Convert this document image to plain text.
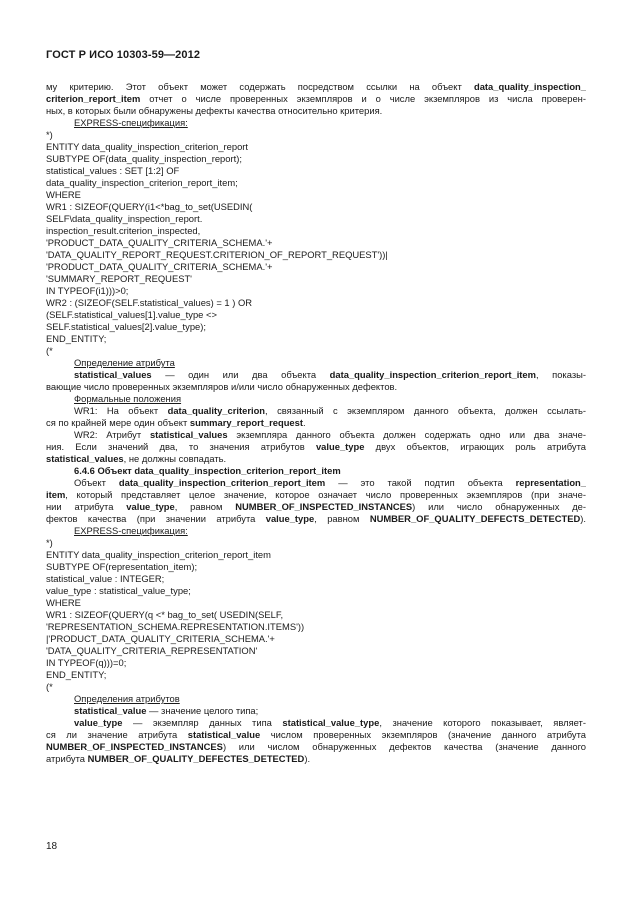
ГОСТ Р ИСО 10303-59—2012
му критерию. Этот объект может содержать посредством ссылки на объект data_quality_inspection_
criterion_report_item отчет о числе проверенных экземпляров и о числе экземпляров из числа проверен-
ных, в которых были обнаружены дефекты качества относительно критерия.
EXPRESS-спецификация:
*)
ENTITY data_quality_inspection_criterion_report
SUBTYPE OF(data_quality_inspection_report);
statistical_values : SET [1:2] OF
data_quality_inspection_criterion_report_item;
WHERE
WR1 : SIZEOF(QUERY(i1<*bag_to_set(USEDIN(
SELF\data_quality_inspection_report.
inspection_result.criterion_inspected,
'PRODUCT_DATA_QUALITY_CRITERIA_SCHEMA.'+
'DATA_QUALITY_REPORT_REQUEST.CRITERION_OF_REPORT_REQUEST'))|
'PRODUCT_DATA_QUALITY_CRITERIA_SCHEMA.'+
'SUMMARY_REPORT_REQUEST'
IN TYPEOF(i1)))>0;
WR2 : (SIZEOF(SELF.statistical_values) = 1 ) OR
(SELF.statistical_values[1].value_type <>
SELF.statistical_values[2].value_type);
END_ENTITY;
(*
Определение атрибута
statistical_values — один или два объекта data_quality_inspection_criterion_report_item, показы-
вающие число проверенных экземпляров и/или число обнаруженных дефектов.
Формальные положения
WR1: На объект data_quality_criterion, связанный с экземпляром данного объекта, должен ссылать-
ся по крайней мере один объект summary_report_request.
WR2: Атрибут statistical_values экземпляра данного объекта должен содержать одно или два значе-
ния. Если значений два, то значения атрибутов value_type двух объектов, играющих роль атрибута
statistical_values, не должны совпадать.
6.4.6 Объект data_quality_inspection_criterion_report_item
Объект data_quality_inspection_criterion_report_item — это такой подтип объекта representation_
item, который представляет целое значение, которое означает число проверенных экземпляров (при значе-
нии атрибута value_type, равном NUMBER_OF_INSPECTED_INSTANCES) или число обнаруженных де-
фектов качества (при значении атрибута value_type, равном NUMBER_OF_QUALITY_DEFECTS_DETECTED).
EXPRESS-спецификация:
*)
ENTITY data_quality_inspection_criterion_report_item
SUBTYPE OF(representation_item);
statistical_value : INTEGER;
value_type : statistical_value_type;
WHERE
WR1 : SIZEOF(QUERY(q <* bag_to_set( USEDIN(SELF,
'REPRESENTATION_SCHEMA.REPRESENTATION.ITEMS'))
|'PRODUCT_DATA_QUALITY_CRITERIA_SCHEMA.'+
'DATA_QUALITY_CRITERIA_REPRESENTATION'
IN TYPEOF(q)))=0;
END_ENTITY;
(*
Определения атрибутов
statistical_value — значение целого типа;
value_type — экземпляр данных типа statistical_value_type, значение которого показывает, являет-
ся ли значение атрибута statistical_value числом проверенных экземпляров (значение данного атрибута
NUMBER_OF_INSPECTED_INSTANCES) или числом обнаруженных дефектов качества (значение данного
атрибута NUMBER_OF_QUALITY_DEFECTES_DETECTED).
18
